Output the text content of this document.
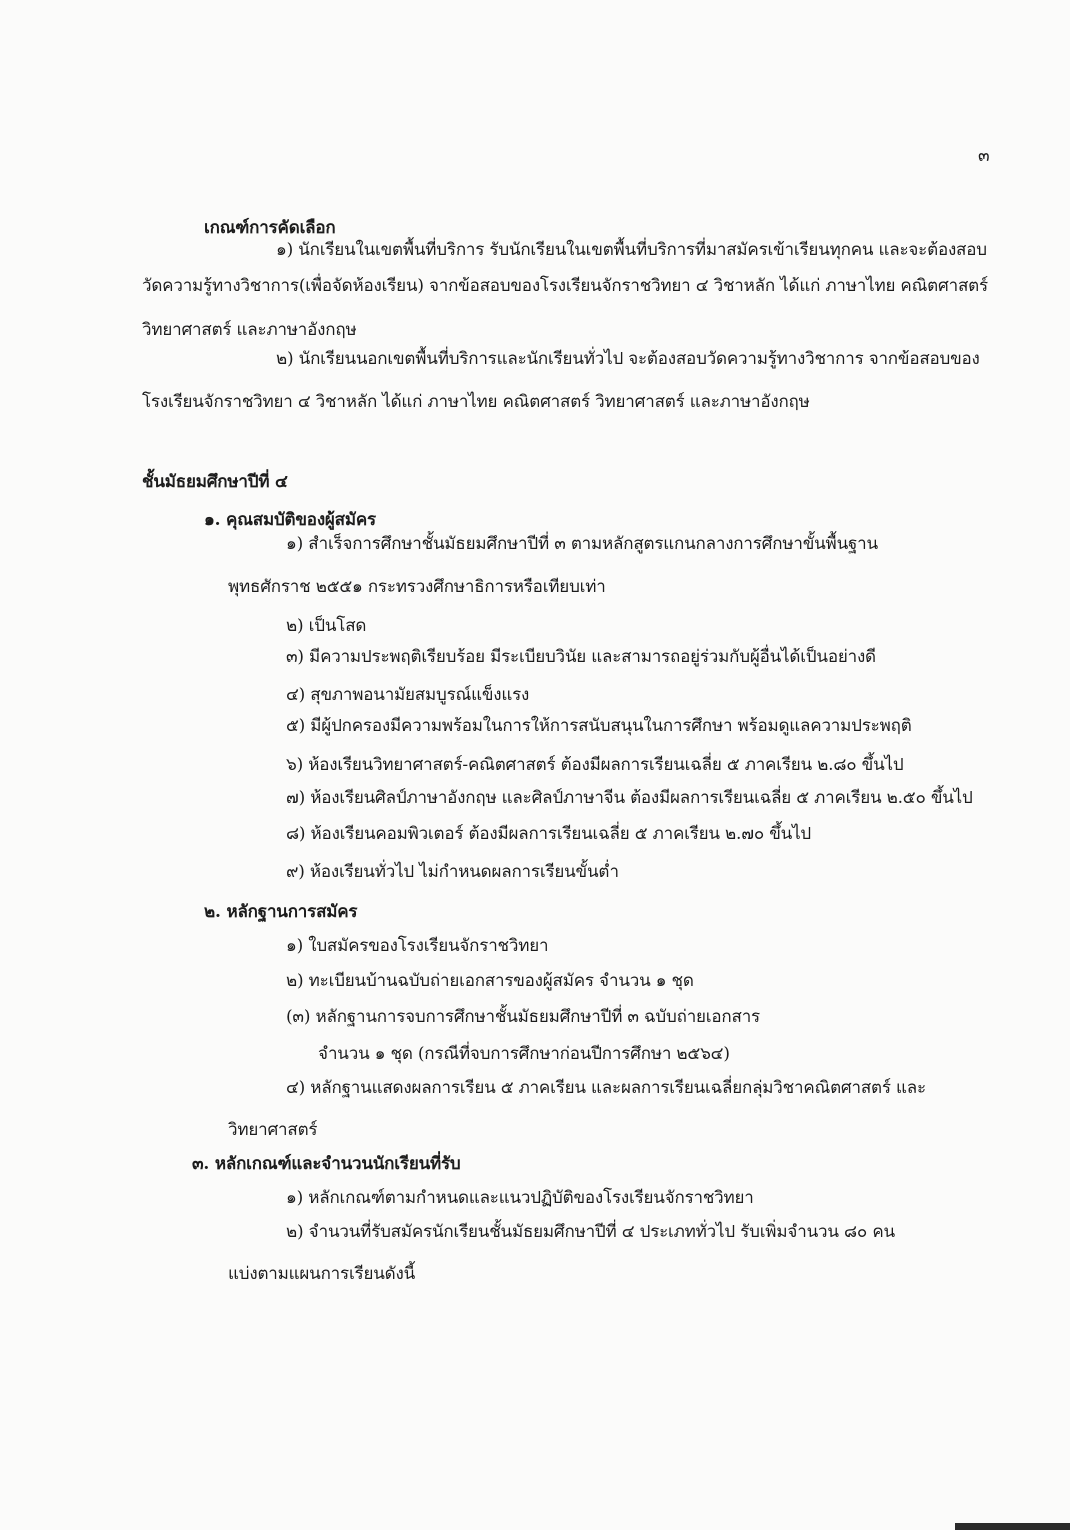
๓
เกณฑ์การคัดเลือก
๑) นักเรียนในเขตพื้นที่บริการ รับนักเรียนในเขตพื้นที่บริการที่มาสมัครเข้าเรียนทุกคน และจะต้องสอบ
วัดความรู้ทางวิชาการ(เพื่อจัดห้องเรียน) จากข้อสอบของโรงเรียนจักราชวิทยา ๔ วิชาหลัก ได้แก่ ภาษาไทย คณิตศาสตร์
วิทยาศาสตร์ และภาษาอังกฤษ
๒) นักเรียนนอกเขตพื้นที่บริการและนักเรียนทั่วไป จะต้องสอบวัดความรู้ทางวิชาการ จากข้อสอบของ
โรงเรียนจักราชวิทยา ๔ วิชาหลัก ได้แก่ ภาษาไทย คณิตศาสตร์ วิทยาศาสตร์ และภาษาอังกฤษ
ชั้นมัธยมศึกษาปีที่ ๔
๑. คุณสมบัติของผู้สมัคร
๑) สำเร็จการศึกษาชั้นมัธยมศึกษาปีที่ ๓ ตามหลักสูตรแกนกลางการศึกษาขั้นพื้นฐาน
พุทธศักราช ๒๕๕๑ กระทรวงศึกษาธิการหรือเทียบเท่า
๒) เป็นโสด
๓) มีความประพฤติเรียบร้อย มีระเบียบวินัย และสามารถอยู่ร่วมกับผู้อื่นได้เป็นอย่างดี
๔) สุขภาพอนามัยสมบูรณ์แข็งแรง
๕) มีผู้ปกครองมีความพร้อมในการให้การสนับสนุนในการศึกษา พร้อมดูแลความประพฤติ
๖) ห้องเรียนวิทยาศาสตร์-คณิตศาสตร์ ต้องมีผลการเรียนเฉลี่ย ๕ ภาคเรียน ๒.๘๐ ขึ้นไป
๗) ห้องเรียนศิลป์ภาษาอังกฤษ และศิลป์ภาษาจีน ต้องมีผลการเรียนเฉลี่ย ๕ ภาคเรียน ๒.๕๐ ขึ้นไป
๘) ห้องเรียนคอมพิวเตอร์ ต้องมีผลการเรียนเฉลี่ย ๕ ภาคเรียน ๒.๗๐ ขึ้นไป
๙) ห้องเรียนทั่วไป ไม่กำหนดผลการเรียนขั้นต่ำ
๒. หลักฐานการสมัคร
๑) ใบสมัครของโรงเรียนจักราชวิทยา
๒) ทะเบียนบ้านฉบับถ่ายเอกสารของผู้สมัคร จำนวน ๑ ชุด
(๓) หลักฐานการจบการศึกษาชั้นมัธยมศึกษาปีที่ ๓ ฉบับถ่ายเอกสาร
จำนวน ๑ ชุด (กรณีที่จบการศึกษาก่อนปีการศึกษา ๒๕๖๔)
๔) หลักฐานแสดงผลการเรียน ๕ ภาคเรียน และผลการเรียนเฉลี่ยกลุ่มวิชาคณิตศาสตร์ และ
วิทยาศาสตร์
๓. หลักเกณฑ์และจำนวนนักเรียนที่รับ
๑) หลักเกณฑ์ตามกำหนดและแนวปฏิบัติของโรงเรียนจักราชวิทยา
๒) จำนวนที่รับสมัครนักเรียนชั้นมัธยมศึกษาปีที่ ๔ ประเภททั่วไป รับเพิ่มจำนวน ๘๐ คน
แบ่งตามแผนการเรียนดังนี้
